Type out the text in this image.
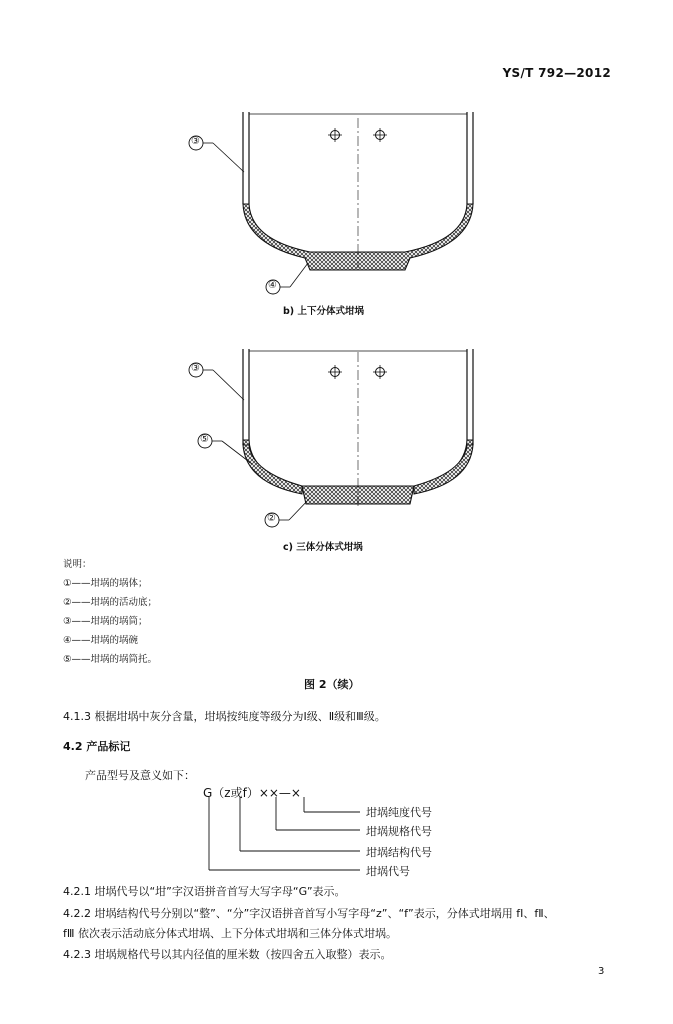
YS/T 792—2012
b) 上下分体式坩埚
c) 三体分体式坩埚
③
④
③
⑤
②
说明：
①——坩埚的埚体；
②——坩埚的活动底；
③——坩埚的埚筒；
④——坩埚的埚碗
⑤——坩埚的埚筒托。
图 2（续）
4.1.3 根据坩埚中灰分含量，坩埚按纯度等级分为Ⅰ级、Ⅱ级和Ⅲ级。
4.2 产品标记
产品型号及意义如下：
G（z或f）××—×
坩埚纯度代号
坩埚规格代号
坩埚结构代号
坩埚代号
4.2.1 坩埚代号以“坩”字汉语拼音首写大写字母“G”表示。
4.2.2 坩埚结构代号分别以“整”、“分”字汉语拼音首写小写字母“z”、“f”表示，分体式坩埚用 fⅠ、fⅡ、
fⅢ 依次表示活动底分体式坩埚、上下分体式坩埚和三体分体式坩埚。
4.2.3 坩埚规格代号以其内径值的厘米数（按四舍五入取整）表示。
3
